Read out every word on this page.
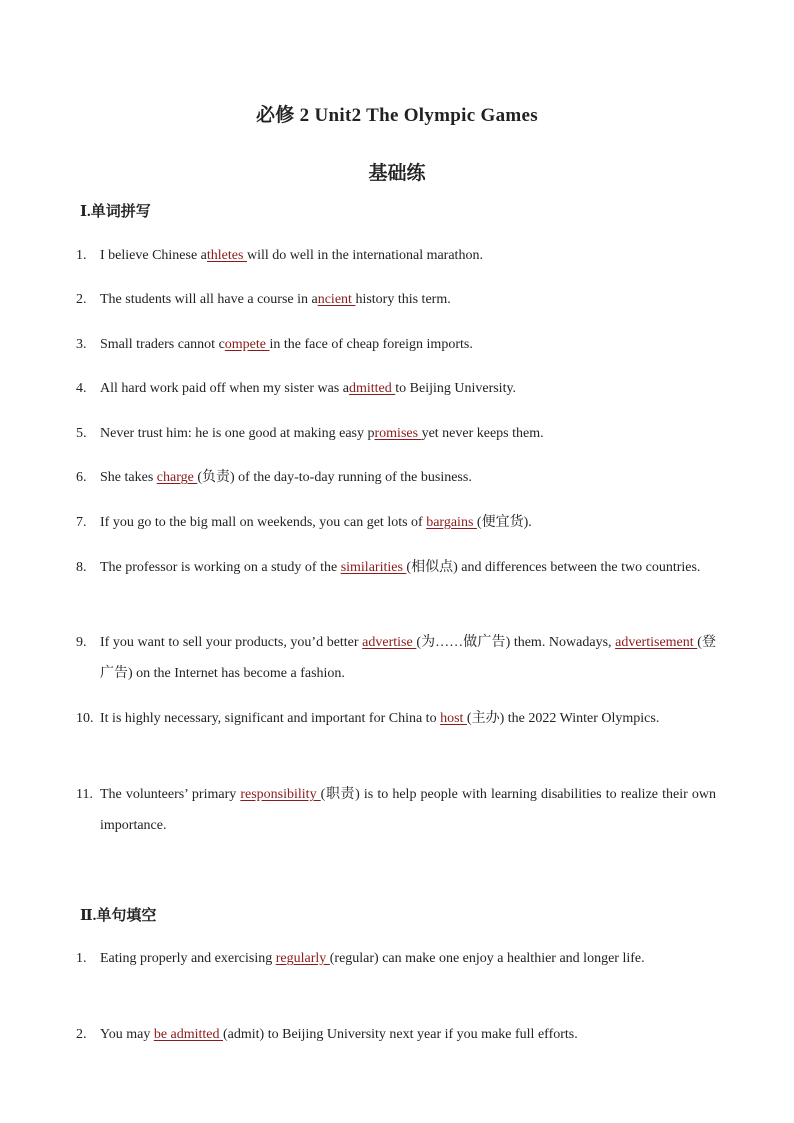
必修 2 Unit2 The Olympic Games
基础练
Ⅰ.单词拼写
1. I believe Chinese athletes will do well in the international marathon.
2. The students will all have a course in ancient history this term.
3. Small traders cannot compete in the face of cheap foreign imports.
4. All hard work paid off when my sister was admitted to Beijing University.
5. Never trust him: he is one good at making easy promises yet never keeps them.
6. She takes charge (负责) of the day-to-day running of the business.
7. If you go to the big mall on weekends, you can get lots of bargains (便宜货).
8. The professor is working on a study of the similarities (相似点) and differences between the two countries.
9. If you want to sell your products, you’d better advertise (为……做广告) them. Nowadays, advertisement (登广告) on the Internet has become a fashion.
10. It is highly necessary, significant and important for China to host (主办) the 2022 Winter Olympics.
11. The volunteers’ primary responsibility (职责) is to help people with learning disabilities to realize their own importance.
Ⅱ.单句填空
1. Eating properly and exercising regularly (regular) can make one enjoy a healthier and longer life.
2. You may be admitted (admit) to Beijing University next year if you make full efforts.
